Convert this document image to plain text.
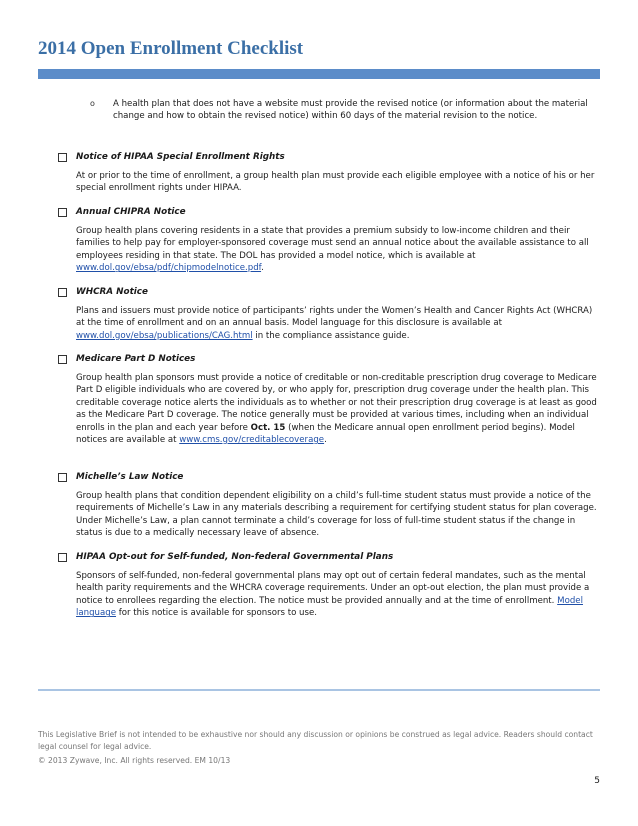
2014 Open Enrollment Checklist
o	A health plan that does not have a website must provide the revised notice (or information about the material change and how to obtain the revised notice) within 60 days of the material revision to the notice.
Notice of HIPAA Special Enrollment Rights
At or prior to the time of enrollment, a group health plan must provide each eligible employee with a notice of his or her special enrollment rights under HIPAA.
Annual CHIPRA Notice
Group health plans covering residents in a state that provides a premium subsidy to low-income children and their families to help pay for employer-sponsored coverage must send an annual notice about the available assistance to all employees residing in that state. The DOL has provided a model notice, which is available at www.dol.gov/ebsa/pdf/chipmodelnotice.pdf.
WHCRA Notice
Plans and issuers must provide notice of participants’ rights under the Women’s Health and Cancer Rights Act (WHCRA) at the time of enrollment and on an annual basis. Model language for this disclosure is available at www.dol.gov/ebsa/publications/CAG.html in the compliance assistance guide.
Medicare Part D Notices
Group health plan sponsors must provide a notice of creditable or non-creditable prescription drug coverage to Medicare Part D eligible individuals who are covered by, or who apply for, prescription drug coverage under the health plan. This creditable coverage notice alerts the individuals as to whether or not their prescription drug coverage is at least as good as the Medicare Part D coverage. The notice generally must be provided at various times, including when an individual enrolls in the plan and each year before Oct. 15 (when the Medicare annual open enrollment period begins). Model notices are available at www.cms.gov/creditablecoverage.
Michelle’s Law Notice
Group health plans that condition dependent eligibility on a child’s full-time student status must provide a notice of the requirements of Michelle’s Law in any materials describing a requirement for certifying student status for plan coverage. Under Michelle’s Law, a plan cannot terminate a child’s coverage for loss of full-time student status if the change in status is due to a medically necessary leave of absence.
HIPAA Opt-out for Self-funded, Non-federal Governmental Plans
Sponsors of self-funded, non-federal governmental plans may opt out of certain federal mandates, such as the mental health parity requirements and the WHCRA coverage requirements. Under an opt-out election, the plan must provide a notice to enrollees regarding the election. The notice must be provided annually and at the time of enrollment. Model language for this notice is available for sponsors to use.
This Legislative Brief is not intended to be exhaustive nor should any discussion or opinions be construed as legal advice. Readers should contact legal counsel for legal advice.
© 2013 Zywave, Inc. All rights reserved. EM 10/13
5
